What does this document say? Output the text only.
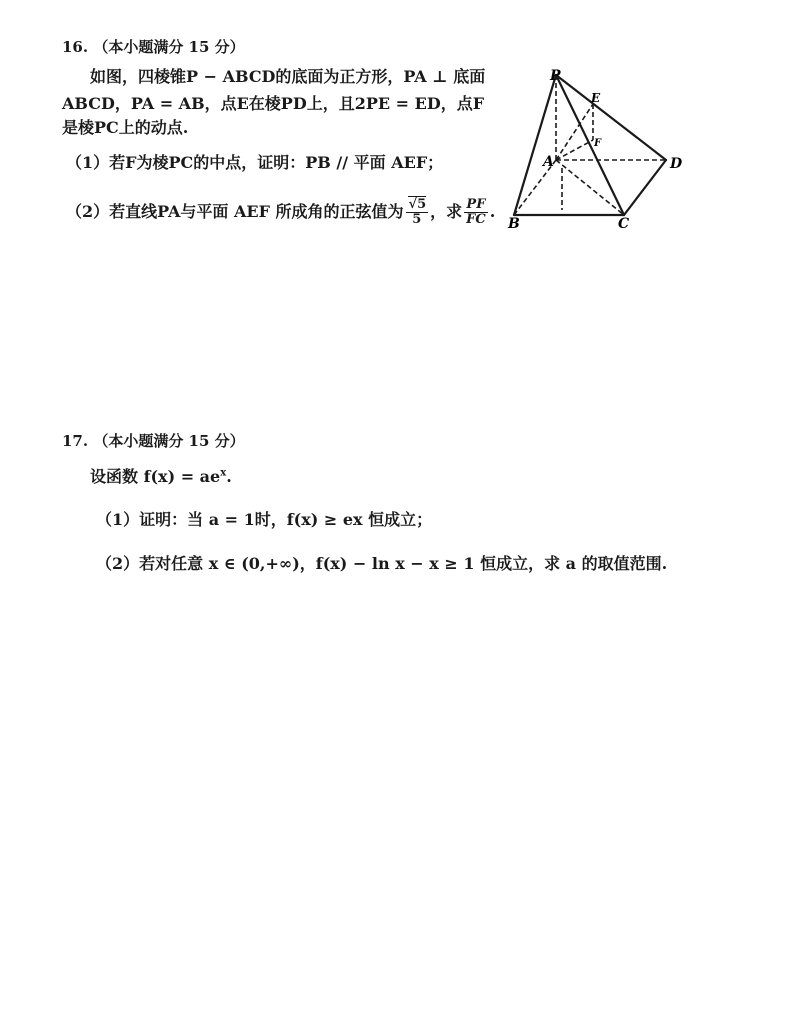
16. （本小题满分 15 分）
如图，四棱锥P − ABCD的底面为正方形，PA ⊥ 底面
ABCD，PA = AB，点E在棱PD上，且2PE = ED，点F
是棱PC上的动点.
（1）若F为棱PC的中点，证明：PB // 平面 AEF；
（2）若直线PA与平面 AEF 所成角的正弦值为 $\frac{√5}{5}$ ，求 $\frac{PF}{FC}$ .
P
E
F
A	D
B	C
17. （本小题满分 15 分）
设函数 $f(x) = ae^x$.
（1）证明：当 a = 1时，f(x) ≥ ex 恒成立；
（2）若对任意 x ∈ (0,+∞)，f(x) − ln x − x ≥ 1 恒成立，求 a 的取值范围.
